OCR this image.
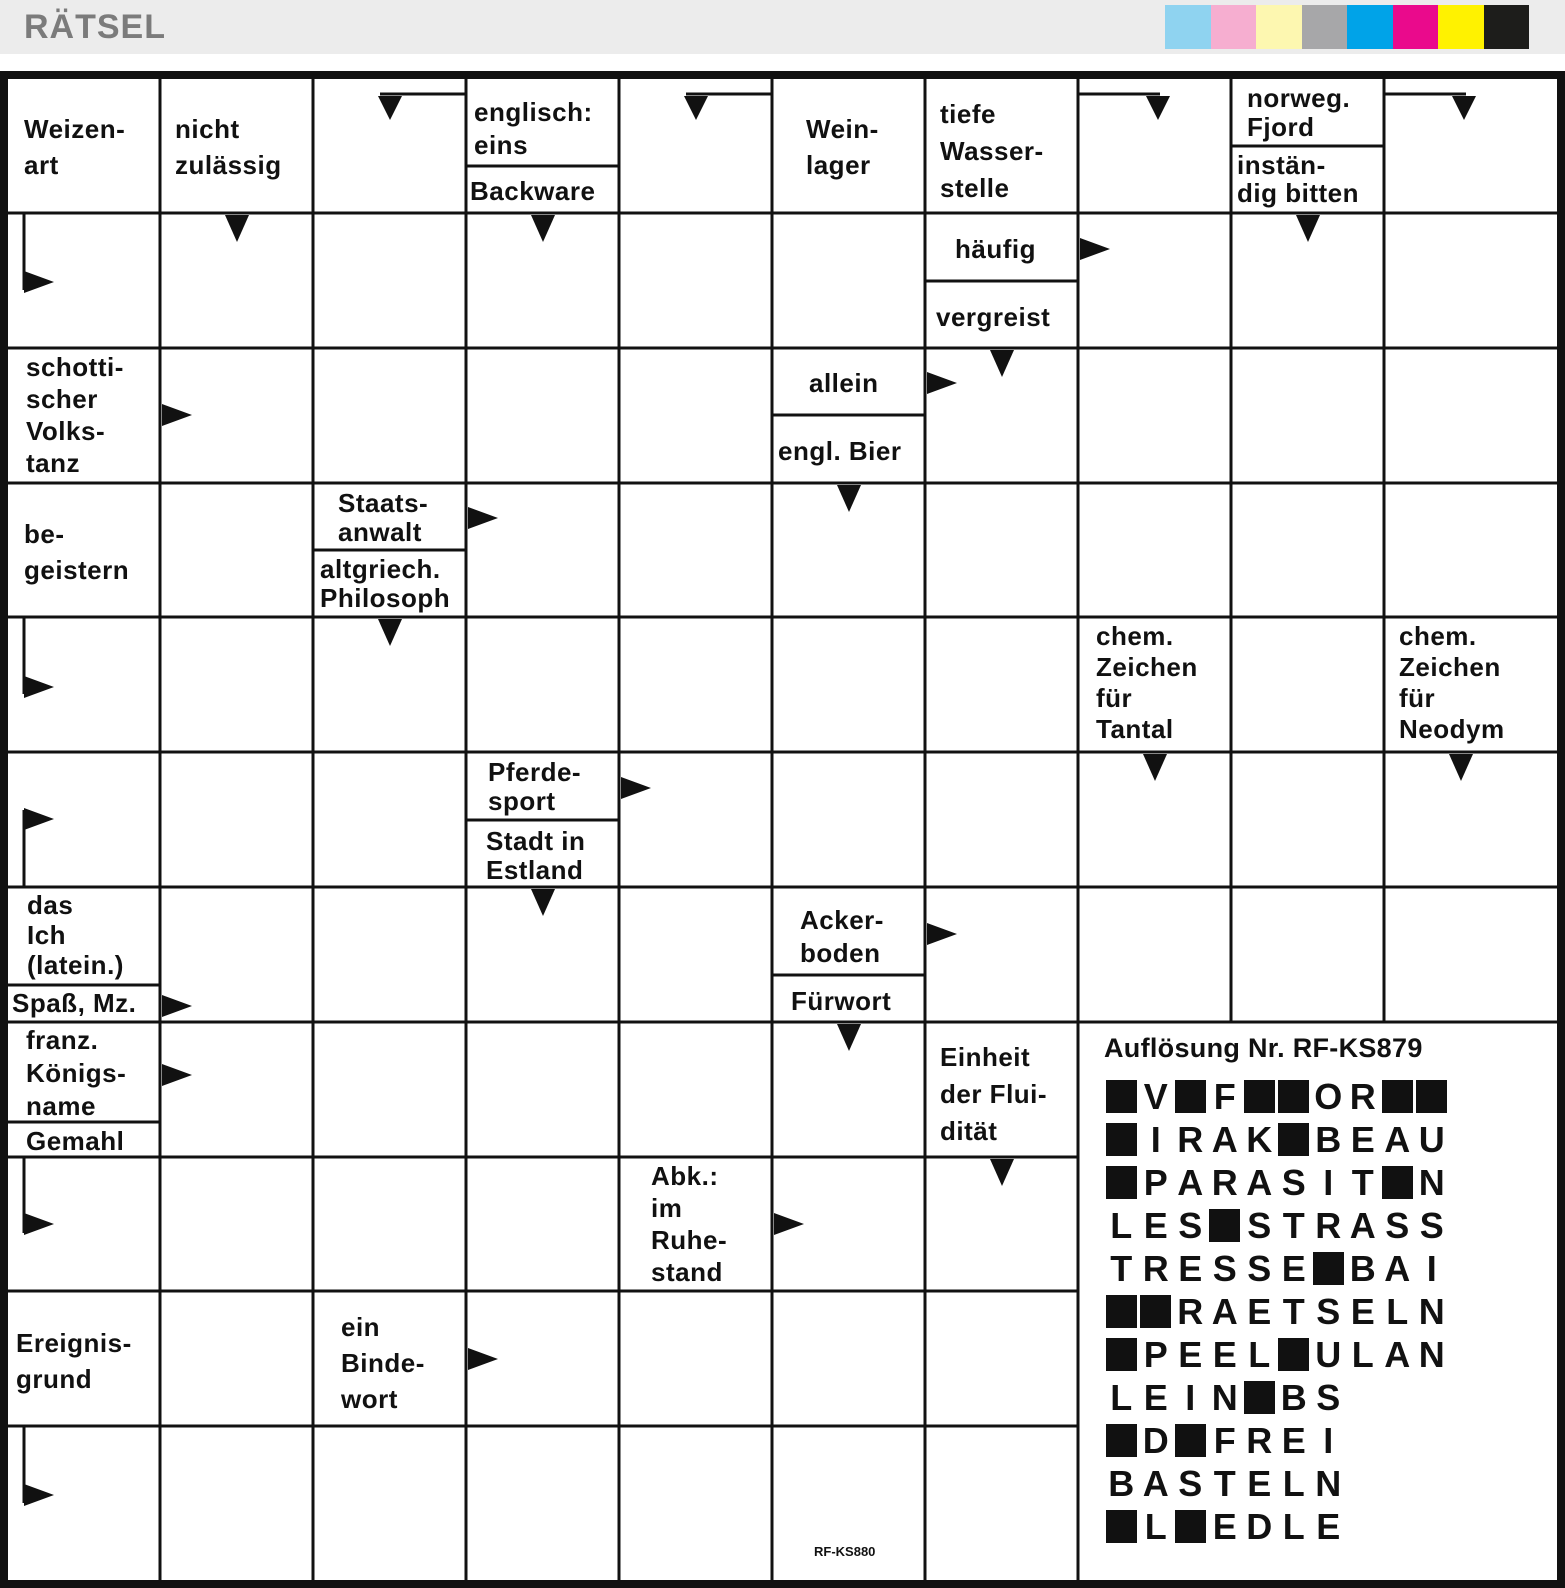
RÄTSEL
Weizen-
art
nicht
zulässig
englisch:
eins
Backware
Wein-
lager
tiefe
Wasser-
stelle
norweg.
Fjord
instän-
dig bitten
häufig
vergreist
schotti-
scher
Volks-
tanz
allein
engl. Bier
be-
geistern
Staats-
anwalt
altgriech.
Philosoph
chem.
Zeichen
für
Tantal
chem.
Zeichen
für
Neodym
Pferde-
sport
Stadt in
Estland
das
Ich
(latein.)
Spaß, Mz.
Acker-
boden
Fürwort
franz.
Königs-
name
Gemahl
Einheit
der Flui-
dität
Abk.:
im
Ruhe-
stand
Ereignis-
grund
ein
Binde-
wort
Auflösung Nr. RF-KS879
V F O R
I R A K B E A U
P A R A S I T N
L E S S T R A S S
T R E S S E B A I
R A E T S E L N
P E E L U L A N
L E I N B S
D F R E I
B A S T E L N
L E D L E
RF-KS880
